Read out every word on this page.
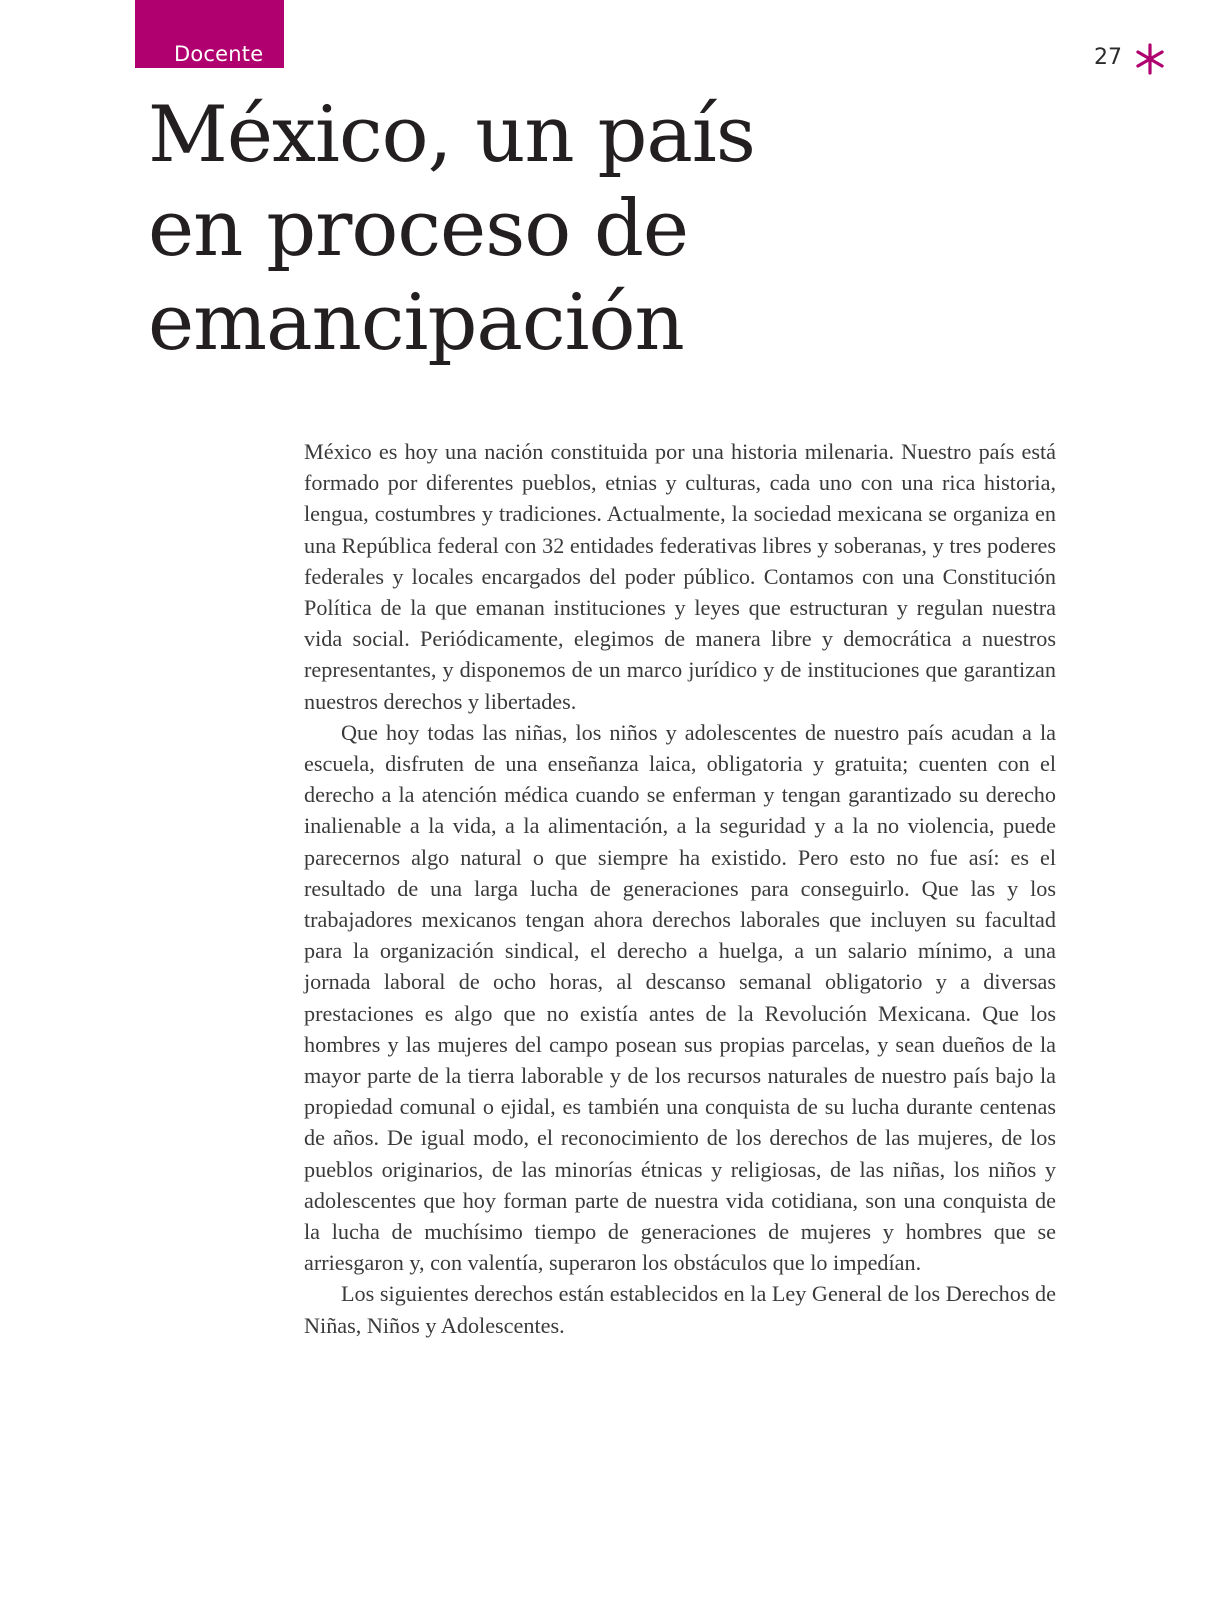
Docente	27
México, un país
en proceso de
emancipación

México es hoy una nación constituida por una historia milenaria. Nuestro país está formado por diferentes pueblos, etnias y culturas, cada uno con una rica historia, lengua, costumbres y tradiciones. Actualmente, la sociedad mexicana se organiza en una República federal con 32 entidades federativas libres y soberanas, y tres poderes federales y locales encargados del poder público. Contamos con una Constitución Política de la que emanan instituciones y leyes que estructuran y regulan nuestra vida social. Periódicamente, elegimos de manera libre y democrática a nuestros representantes, y disponemos de un marco jurídico y de instituciones que garantizan nuestros derechos y libertades.

Que hoy todas las niñas, los niños y adolescentes de nuestro país acudan a la escuela, disfruten de una enseñanza laica, obligatoria y gratuita; cuenten con el derecho a la atención médica cuando se enferman y tengan garantizado su derecho inalienable a la vida, a la alimentación, a la seguridad y a la no violencia, puede parecernos algo natural o que siempre ha existido. Pero esto no fue así: es el resultado de una larga lucha de generaciones para conseguirlo. Que las y los trabajadores mexicanos tengan ahora derechos laborales que incluyen su facultad para la organización sindical, el derecho a huelga, a un salario mínimo, a una jornada laboral de ocho horas, al descanso semanal obligatorio y a diversas prestaciones es algo que no existía antes de la Revolución Mexicana. Que los hombres y las mujeres del campo posean sus propias parcelas, y sean dueños de la mayor parte de la tierra laborable y de los recursos naturales de nuestro país bajo la propiedad comunal o ejidal, es también una conquista de su lucha durante centenas de años. De igual modo, el reconocimiento de los derechos de las mujeres, de los pueblos originarios, de las minorías étnicas y religiosas, de las niñas, los niños y adolescentes que hoy forman parte de nuestra vida cotidiana, son una conquista de la lucha de muchísimo tiempo de generaciones de mujeres y hombres que se arriesgaron y, con valentía, superaron los obstáculos que lo impedían.

Los siguientes derechos están establecidos en la Ley General de los Derechos de Niñas, Niños y Adolescentes.
